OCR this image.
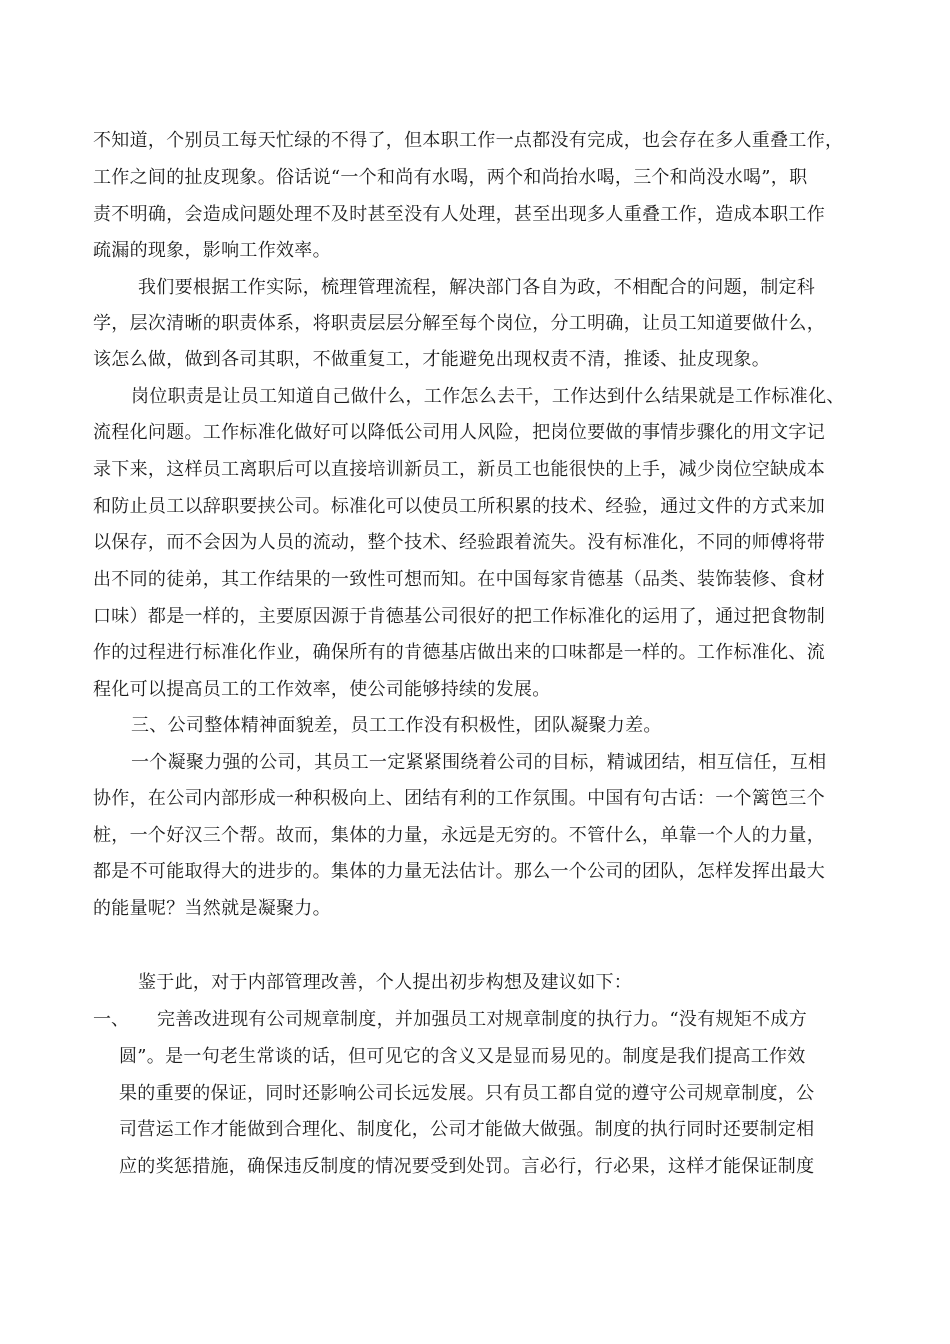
不知道，个别员工每天忙绿的不得了，但本职工作一点都没有完成，也会存在多人重叠工作，
工作之间的扯皮现象。俗话说“一个和尚有水喝，两个和尚抬水喝，三个和尚没水喝”，职
责不明确，会造成问题处理不及时甚至没有人处理，甚至出现多人重叠工作，造成本职工作
疏漏的现象，影响工作效率。
我们要根据工作实际，梳理管理流程，解决部门各自为政，不相配合的问题，制定科
学，层次清晰的职责体系，将职责层层分解至每个岗位，分工明确，让员工知道要做什么，
该怎么做，做到各司其职，不做重复工，才能避免出现权责不清，推诿、扯皮现象。
岗位职责是让员工知道自己做什么，工作怎么去干，工作达到什么结果就是工作标准化、
流程化问题。工作标准化做好可以降低公司用人风险，把岗位要做的事情步骤化的用文字记
录下来，这样员工离职后可以直接培训新员工，新员工也能很快的上手，减少岗位空缺成本
和防止员工以辞职要挟公司。标准化可以使员工所积累的技术、经验，通过文件的方式来加
以保存，而不会因为人员的流动，整个技术、经验跟着流失。没有标准化，不同的师傅将带
出不同的徒弟，其工作结果的一致性可想而知。在中国每家肯德基（品类、装饰装修、食材
口味）都是一样的，主要原因源于肯德基公司很好的把工作标准化的运用了，通过把食物制
作的过程进行标准化作业，确保所有的肯德基店做出来的口味都是一样的。工作标准化、流
程化可以提高员工的工作效率，使公司能够持续的发展。
三、公司整体精神面貌差，员工工作没有积极性，团队凝聚力差。
一个凝聚力强的公司，其员工一定紧紧围绕着公司的目标，精诚团结，相互信任，互相
协作，在公司内部形成一种积极向上、团结有利的工作氛围。中国有句古话：一个篱笆三个
桩，一个好汉三个帮。故而，集体的力量，永远是无穷的。不管什么，单靠一个人的力量，
都是不可能取得大的进步的。集体的力量无法估计。那么一个公司的团队，怎样发挥出最大
的能量呢？当然就是凝聚力。
鉴于此，对于内部管理改善，个人提出初步构想及建议如下：
一、 完善改进现有公司规章制度，并加强员工对规章制度的执行力。“没有规矩不成方
圆”。是一句老生常谈的话，但可见它的含义又是显而易见的。制度是我们提高工作效
果的重要的保证，同时还影响公司长远发展。只有员工都自觉的遵守公司规章制度，公
司营运工作才能做到合理化、制度化，公司才能做大做强。制度的执行同时还要制定相
应的奖惩措施，确保违反制度的情况要受到处罚。言必行，行必果，这样才能保证制度
